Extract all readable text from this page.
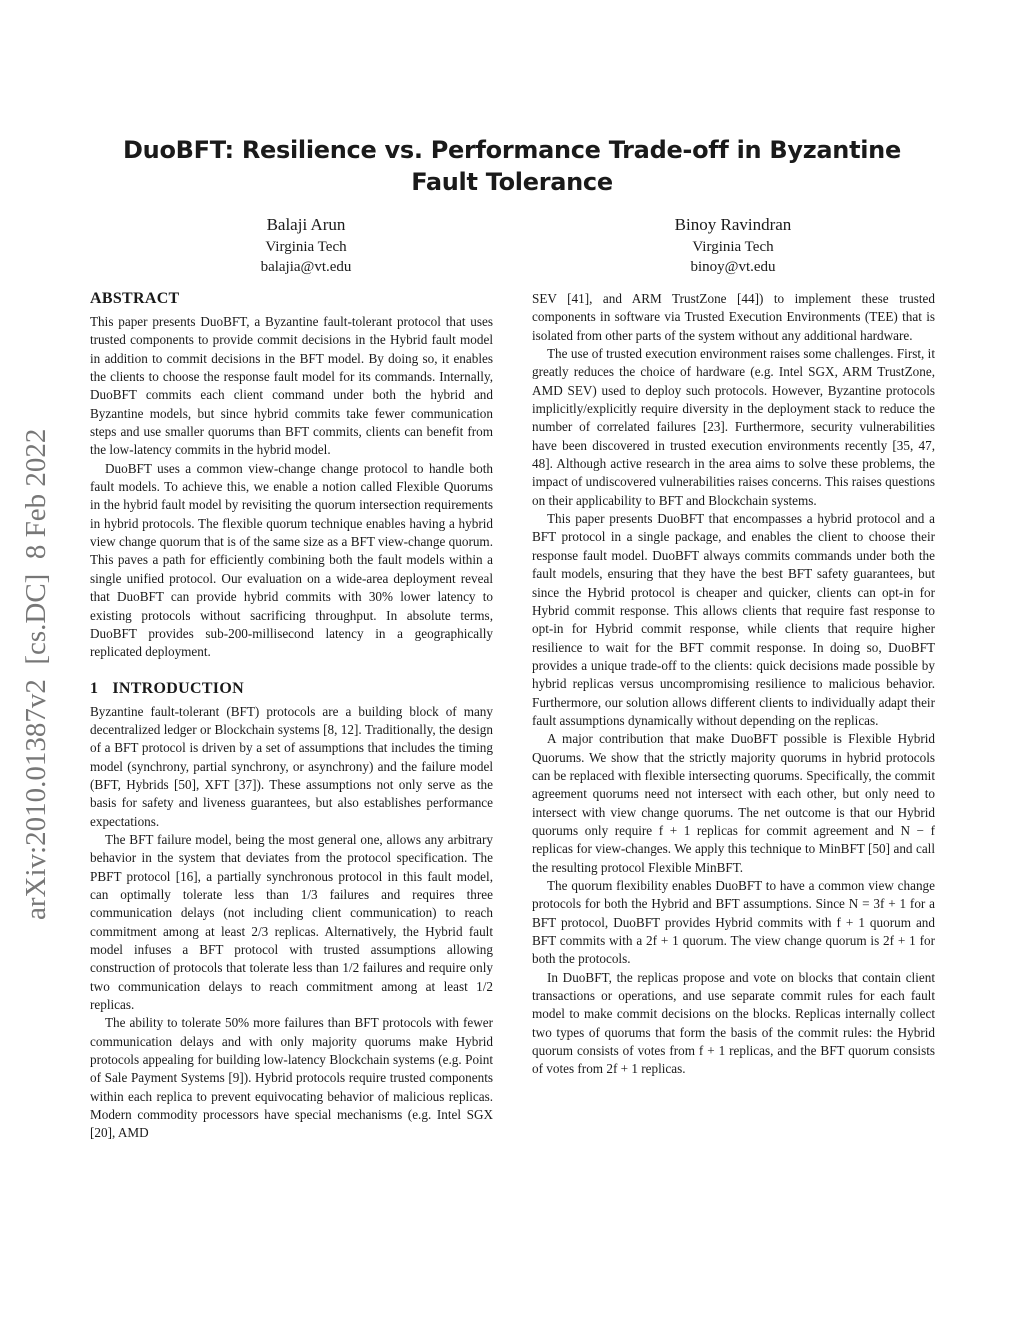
DuoBFT: Resilience vs. Performance Trade-off in Byzantine Fault Tolerance
Balaji Arun
Virginia Tech
balajia@vt.edu
Binoy Ravindran
Virginia Tech
binoy@vt.edu
arXiv:2010.01387v2  [cs.DC]  8 Feb 2022
ABSTRACT

This paper presents DuoBFT, a Byzantine fault-tolerant protocol that uses trusted components to provide commit decisions in the Hybrid fault model in addition to commit decisions in the BFT model. By doing so, it enables the clients to choose the response fault model for its commands. Internally, DuoBFT commits each client command under both the hybrid and Byzantine models, but since hybrid commits take fewer communication steps and use smaller quorums than BFT commits, clients can benefit from the low-latency commits in the hybrid model.

DuoBFT uses a common view-change change protocol to handle both fault models. To achieve this, we enable a notion called Flexible Quorums in the hybrid fault model by revisiting the quorum intersection requirements in hybrid protocols. The flexible quorum technique enables having a hybrid view change quorum that is of the same size as a BFT view-change quorum. This paves a path for efficiently combining both the fault models within a single unified protocol. Our evaluation on a wide-area deployment reveal that DuoBFT can provide hybrid commits with 30% lower latency to existing protocols without sacrificing throughput. In absolute terms, DuoBFT provides sub-200-millisecond latency in a geographically replicated deployment.

1 INTRODUCTION

Byzantine fault-tolerant (BFT) protocols are a building block of many decentralized ledger or Blockchain systems [8, 12]. Traditionally, the design of a BFT protocol is driven by a set of assumptions that includes the timing model (synchrony, partial synchrony, or asynchrony) and the failure model (BFT, Hybrids [50], XFT [37]). These assumptions not only serve as the basis for safety and liveness guarantees, but also establishes performance expectations.

The BFT failure model, being the most general one, allows any arbitrary behavior in the system that deviates from the protocol specification. The PBFT protocol [16], a partially synchronous protocol in this fault model, can optimally tolerate less than 1/3 failures and requires three communication delays (not including client communication) to reach commitment among at least 2/3 replicas. Alternatively, the Hybrid fault model infuses a BFT protocol with trusted assumptions allowing construction of protocols that tolerate less than 1/2 failures and require only two communication delays to reach commitment among at least 1/2 replicas.

The ability to tolerate 50% more failures than BFT protocols with fewer communication delays and with only majority quorums make Hybrid protocols appealing for building low-latency Blockchain systems (e.g. Point of Sale Payment Systems [9]). Hybrid protocols require trusted components within each replica to prevent equivocating behavior of malicious replicas. Modern commodity processors have special mechanisms (e.g. Intel SGX [20], AMD

SEV [41], and ARM TrustZone [44]) to implement these trusted components in software via Trusted Execution Environments (TEE) that is isolated from other parts of the system without any additional hardware.

The use of trusted execution environment raises some challenges. First, it greatly reduces the choice of hardware (e.g. Intel SGX, ARM TrustZone, AMD SEV) used to deploy such protocols. However, Byzantine protocols implicitly/explicitly require diversity in the deployment stack to reduce the number of correlated failures [23]. Furthermore, security vulnerabilities have been discovered in trusted execution environments recently [35, 47, 48]. Although active research in the area aims to solve these problems, the impact of undiscovered vulnerabilities raises concerns. This raises questions on their applicability to BFT and Blockchain systems.

This paper presents DuoBFT that encompasses a hybrid protocol and a BFT protocol in a single package, and enables the client to choose their response fault model. DuoBFT always commits commands under both the fault models, ensuring that they have the best BFT safety guarantees, but since the Hybrid protocol is cheaper and quicker, clients can opt-in for Hybrid commit response. This allows clients that require fast response to opt-in for Hybrid commit response, while clients that require higher resilience to wait for the BFT commit response. In doing so, DuoBFT provides a unique trade-off to the clients: quick decisions made possible by hybrid replicas versus uncompromising resilience to malicious behavior. Furthermore, our solution allows different clients to individually adapt their fault assumptions dynamically without depending on the replicas.

A major contribution that make DuoBFT possible is Flexible Hybrid Quorums. We show that the strictly majority quorums in hybrid protocols can be replaced with flexible intersecting quorums. Specifically, the commit agreement quorums need not intersect with each other, but only need to intersect with view change quorums. The net outcome is that our Hybrid quorums only require f + 1 replicas for commit agreement and N − f replicas for view-changes. We apply this technique to MinBFT [50] and call the resulting protocol Flexible MinBFT.

The quorum flexibility enables DuoBFT to have a common view change protocols for both the Hybrid and BFT assumptions. Since N = 3f + 1 for a BFT protocol, DuoBFT provides Hybrid commits with f + 1 quorum and BFT commits with a 2f + 1 quorum. The view change quorum is 2f + 1 for both the protocols.

In DuoBFT, the replicas propose and vote on blocks that contain client transactions or operations, and use separate commit rules for each fault model to make commit decisions on the blocks. Replicas internally collect two types of quorums that form the basis of the commit rules: the Hybrid quorum consists of votes from f + 1 replicas, and the BFT quorum consists of votes from 2f + 1 replicas.
